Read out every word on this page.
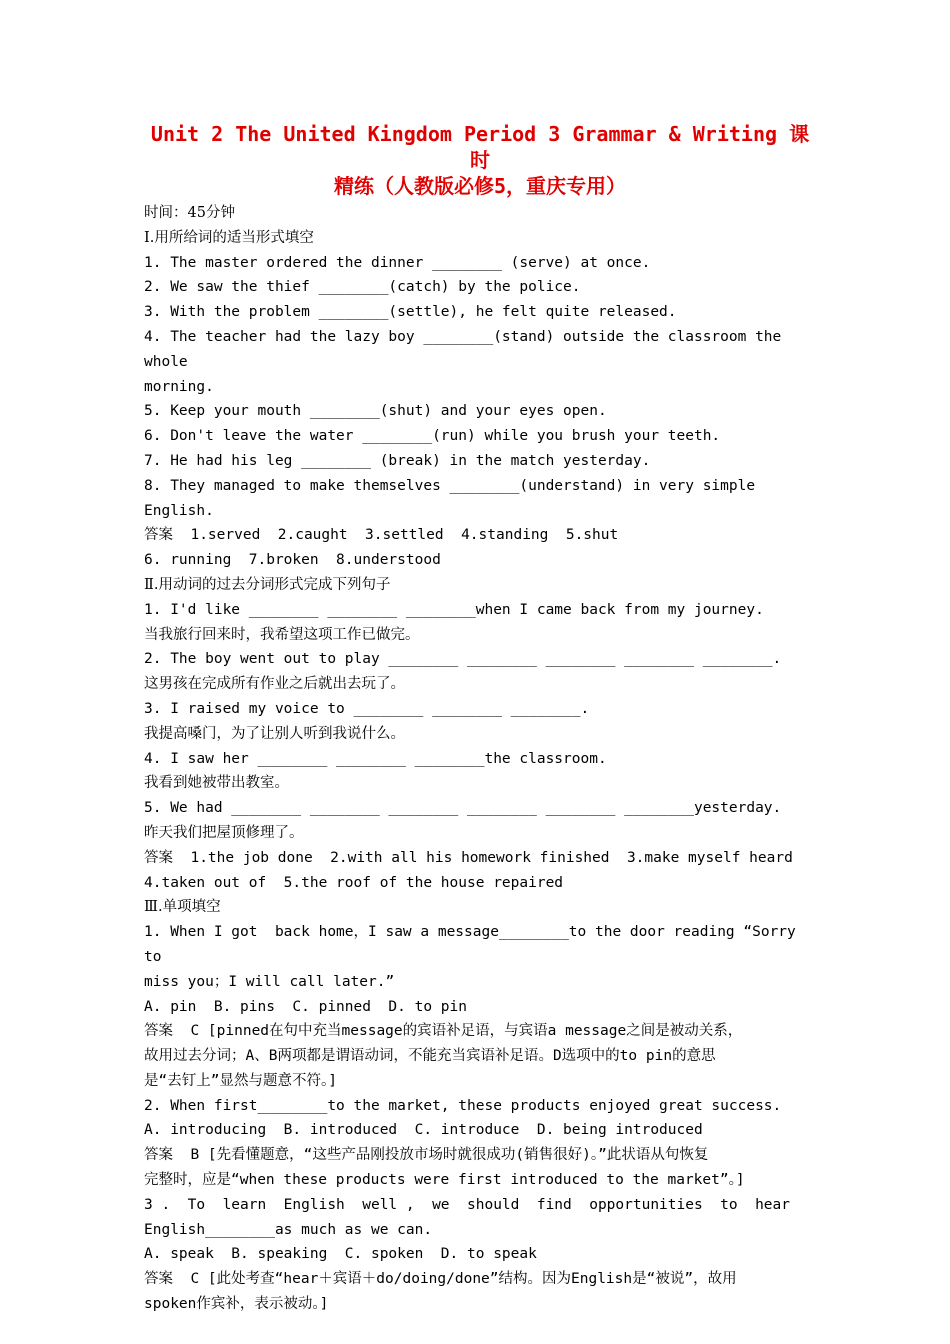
Unit 2 The United Kingdom Period 3 Grammar & Writing 课时
精练（人教版必修5，重庆专用）
时间：45分钟
Ⅰ.用所给词的适当形式填空
1. The master ordered the dinner ________ (serve) at once.
2. We saw the thief ________(catch) by the police.
3. With the problem ________(settle), he felt quite released.
4. The teacher had the lazy boy ________(stand) outside the classroom the whole
morning.
5. Keep your mouth ________(shut) and your eyes open.
6. Don't leave the water ________(run) while you brush your teeth.
7. He had his leg ________ (break) in the match yesterday.
8. They managed to make themselves ________(understand) in very simple English.
答案  1.served  2.caught  3.settled  4.standing  5.shut
6. running  7.broken  8.understood
Ⅱ.用动词的过去分词形式完成下列句子
1. I'd like ________ ________ ________when I came back from my journey.
当我旅行回来时，我希望这项工作已做完。
2. The boy went out to play ________ ________ ________ ________ ________.
这男孩在完成所有作业之后就出去玩了。
3. I raised my voice to ________ ________ ________.
我提高嗓门，为了让别人听到我说什么。
4. I saw her ________ ________ ________the classroom.
我看到她被带出教室。
5. We had ________ ________ ________ ________ ________ ________yesterday.
昨天我们把屋顶修理了。
答案  1.the job done  2.with all his homework finished  3.make myself heard
4.taken out of  5.the roof of the house repaired
Ⅲ.单项填空
1. When I got  back home，I saw a message________to the door reading “Sorry to
miss you；I will call later.”
A. pin  B. pins  C. pinned  D. to pin
答案  C [pinned在句中充当message的宾语补足语，与宾语a message之间是被动关系，
故用过去分词；A、B两项都是谓语动词，不能充当宾语补足语。D选项中的to pin的意思
是“去钉上”显然与题意不符。]
2. When first________to the market, these products enjoyed great success.
A. introducing  B. introduced  C. introduce  D. being introduced
答案  B [先看懂题意，“这些产品刚投放市场时就很成功(销售很好)。”此状语从句恢复
完整时，应是“when these products were first introduced to the market”。]
3 .  To  learn  English  well ,  we  should  find  opportunities  to  hear
English________as much as we can.
A. speak  B. speaking  C. spoken  D. to speak
答案  C [此处考查“hear＋宾语＋do/doing/done”结构。因为English是“被说”，故用
spoken作宾补，表示被动。]
